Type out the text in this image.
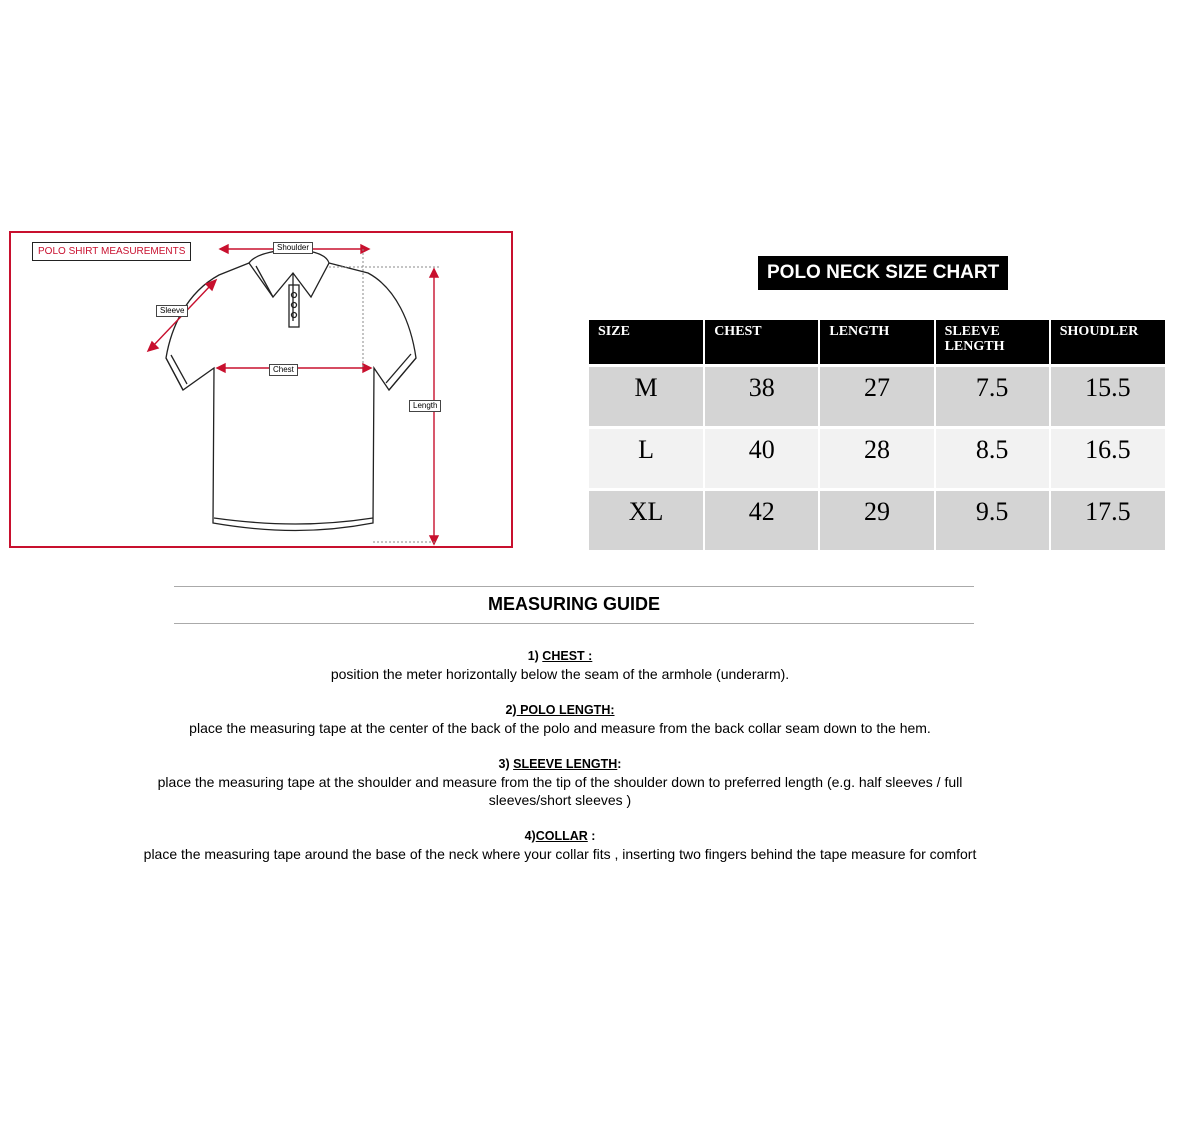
POLO SHIRT MEASUREMENTS	Shoulder
Sleeve
Chest
Length
POLO NECK SIZE CHART
SIZE	CHEST	LENGTH	SLEEVE LENGTH	SHOUDLER
M	38	27	7.5	15.5
L	40	28	8.5	16.5
XL	42	29	9.5	17.5
MEASURING GUIDE
1) CHEST :
position the meter horizontally below the seam of the armhole (underarm).
2) POLO LENGTH:
place the measuring tape at the center of the back of the polo and measure from the back collar seam down to the hem.
3) SLEEVE LENGTH:
place the measuring tape at the shoulder and measure from the tip of the shoulder down to preferred length (e.g. half sleeves / full sleeves/short sleeves )
4)COLLAR :
place the measuring tape around the base of the neck where your collar fits , inserting two fingers behind the tape measure for comfort
